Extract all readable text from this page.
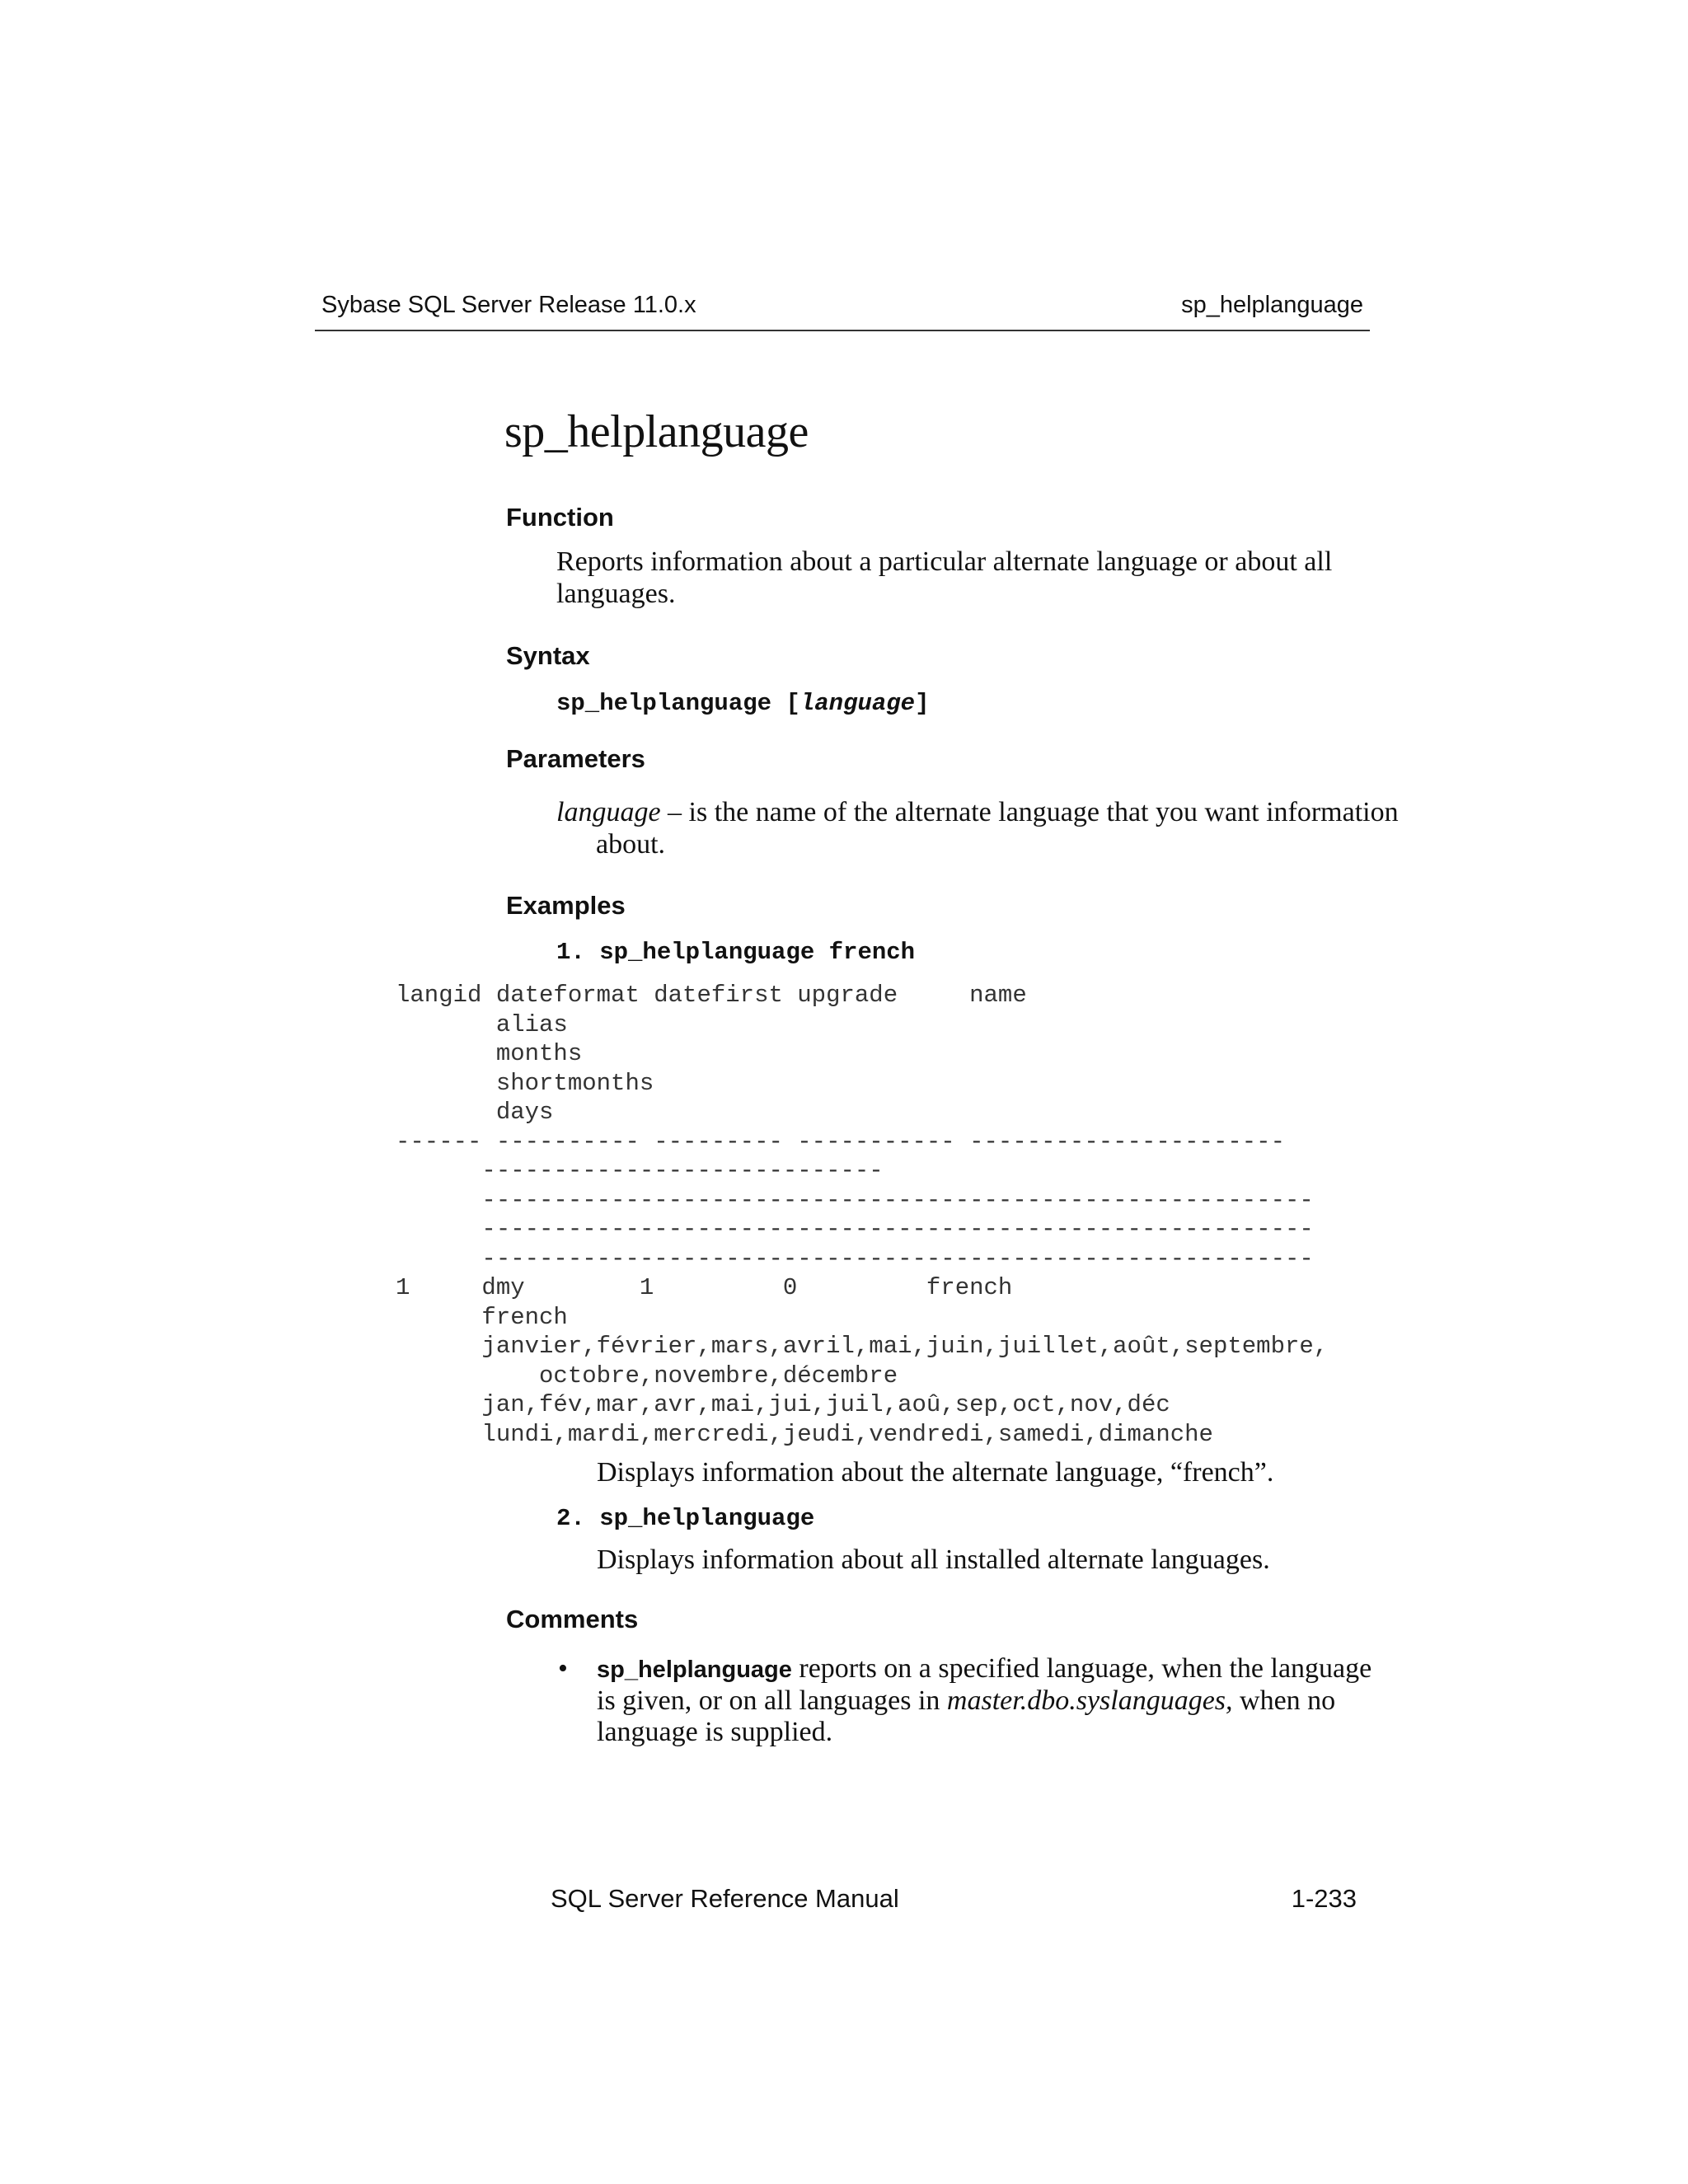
Sybase SQL Server Release 11.0.x	sp_helplanguage
sp_helplanguage
Function

Reports information about a particular alternate language or about all languages.

Syntax

sp_helplanguage [language]

Parameters

language – is the name of the alternate language that you want information about.

Examples
1. sp_helplanguage french
langid dateformat datefirst upgrade     name
alias
months
shortmonths
days
------ ---------- --------- ----------- ----------------------
----------------------------
----------------------------------------------------------
----------------------------------------------------------
----------------------------------------------------------
1     dmy        1         0         french
french
janvier,février,mars,avril,mai,juin,juillet,août,septembre,
octobre,novembre,décembre
jan,fév,mar,avr,mai,jui,juil,aoû,sep,oct,nov,déc
lundi,mardi,mercredi,jeudi,vendredi,samedi,dimanche
Displays information about the alternate language, “french”.
2. sp_helplanguage
Displays information about all installed alternate languages.
Comments
• sp_helplanguage reports on a specified language, when the language is given, or on all languages in master.dbo.syslanguages, when no language is supplied.
SQL Server Reference Manual	1-233
